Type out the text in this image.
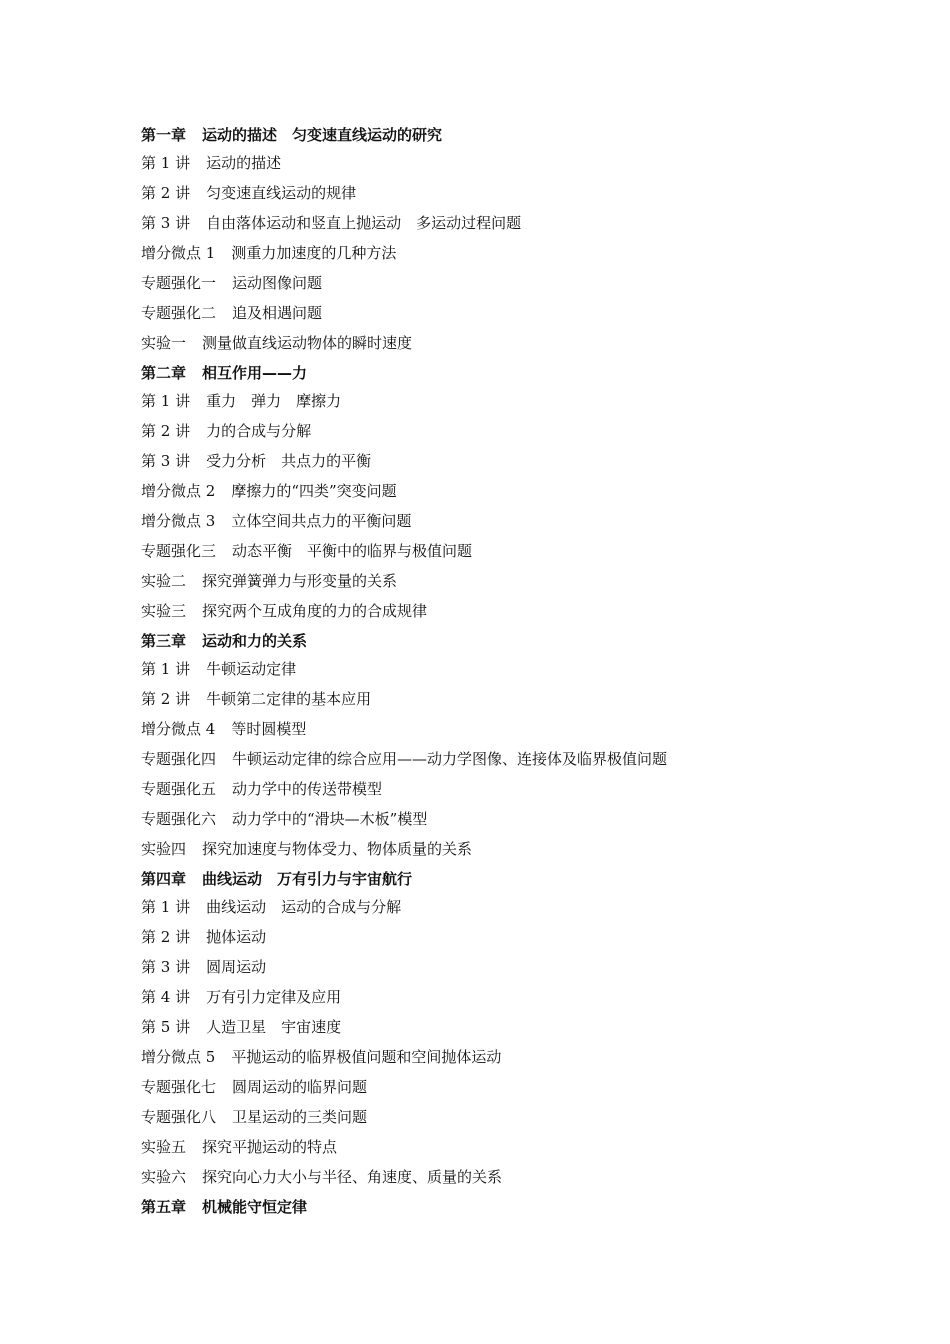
第一章 运动的描述　匀变速直线运动的研究
第 1 讲 运动的描述
第 2 讲 匀变速直线运动的规律
第 3 讲 自由落体运动和竖直上抛运动　多运动过程问题
增分微点 1 测重力加速度的几种方法
专题强化一 运动图像问题
专题强化二 追及相遇问题
实验一 测量做直线运动物体的瞬时速度
第二章 相互作用——力
第 1 讲 重力　弹力　摩擦力
第 2 讲 力的合成与分解
第 3 讲 受力分析　共点力的平衡
增分微点 2 摩擦力的“四类”突变问题
增分微点 3 立体空间共点力的平衡问题
专题强化三 动态平衡　平衡中的临界与极值问题
实验二 探究弹簧弹力与形变量的关系
实验三 探究两个互成角度的力的合成规律
第三章 运动和力的关系
第 1 讲 牛顿运动定律
第 2 讲 牛顿第二定律的基本应用
增分微点 4 等时圆模型
专题强化四 牛顿运动定律的综合应用——动力学图像、连接体及临界极值问题
专题强化五 动力学中的传送带模型
专题强化六 动力学中的“滑块—木板”模型
实验四 探究加速度与物体受力、物体质量的关系
第四章 曲线运动　万有引力与宇宙航行
第 1 讲 曲线运动　运动的合成与分解
第 2 讲 抛体运动
第 3 讲 圆周运动
第 4 讲 万有引力定律及应用
第 5 讲 人造卫星　宇宙速度
增分微点 5 平抛运动的临界极值问题和空间抛体运动
专题强化七 圆周运动的临界问题
专题强化八 卫星运动的三类问题
实验五 探究平抛运动的特点
实验六 探究向心力大小与半径、角速度、质量的关系
第五章 机械能守恒定律
